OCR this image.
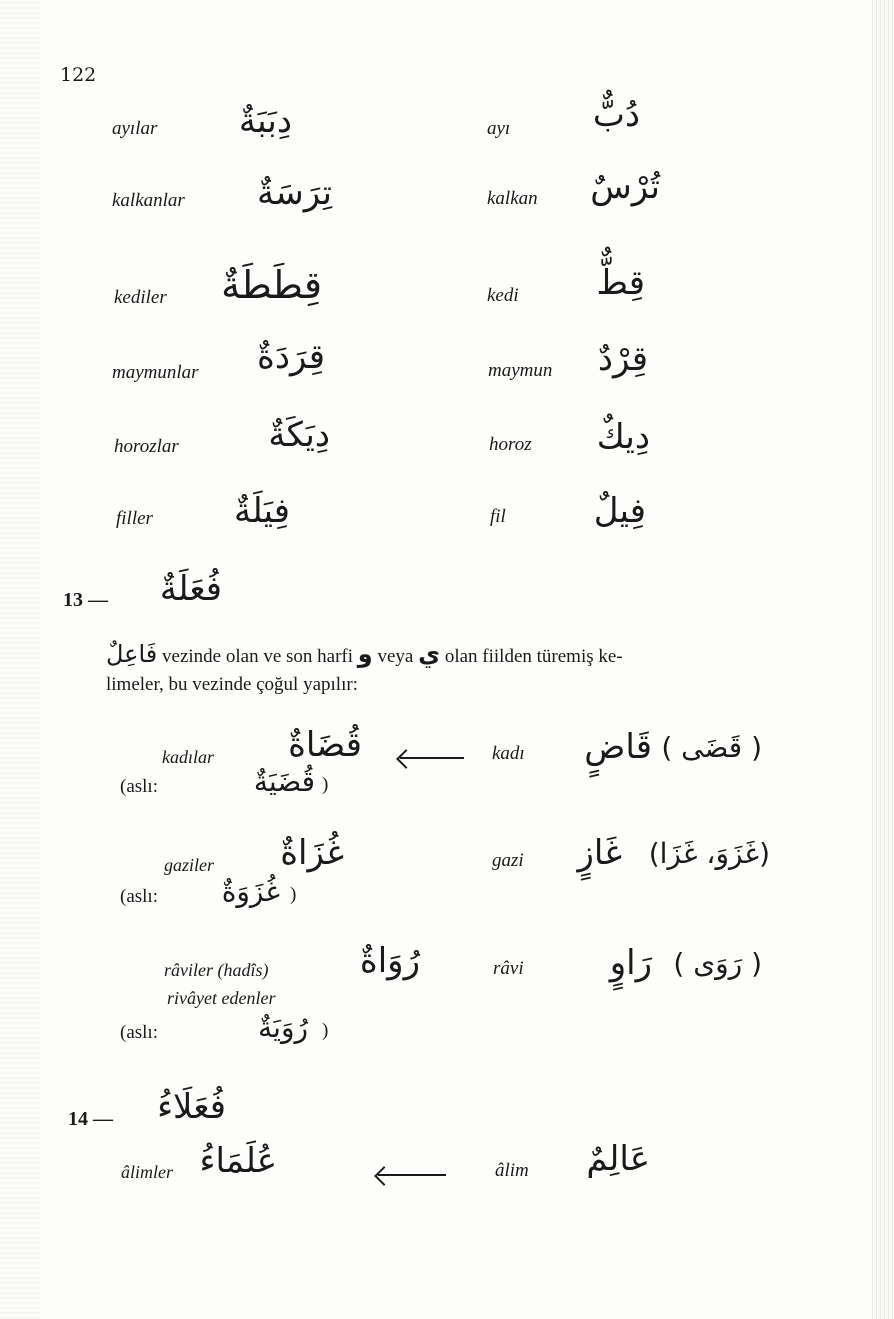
122
ayılar	دِبَبَةٌ	ayı	دُبٌّ
kalkanlar	تِرَسَةٌ	kalkan	تُرْسٌ
kediler قِطَطَةٌ	kedi	قِطٌّ
maymunlar	قِرَدَةٌ	maymun قِرْدٌ
horozlar	دِيَكَةٌ	horoz	دِيكٌ
filler	فِيَلَةٌ	fil	فِيلٌ
13 —	فُعَلَةٌ
فَاعِلٌ vezinde olan ve son harfi و veya ي olan fiilden türemiş ke-
limeler, bu vezinde çoğul yapılır:
kadılar	قُضَاةٌ
(aslı:	قُضَيَةٌ )
kadı	قَاضٍ ( قَضَى )
gaziler	غُزَاةٌ
(aslı:	غُزَوَةٌ )
gazi	غَازٍ (غَزَوَ، غَزَا)
râviler (hadîs)
rivâyet edenler
رُوَاةٌ
(aslı:	رُوَيَةٌ )
râvi	رَاوٍ ( رَوَى )
14 —	فُعَلَاءُ
âlimler عُلَمَاءُ	âlim	عَالِمٌ
